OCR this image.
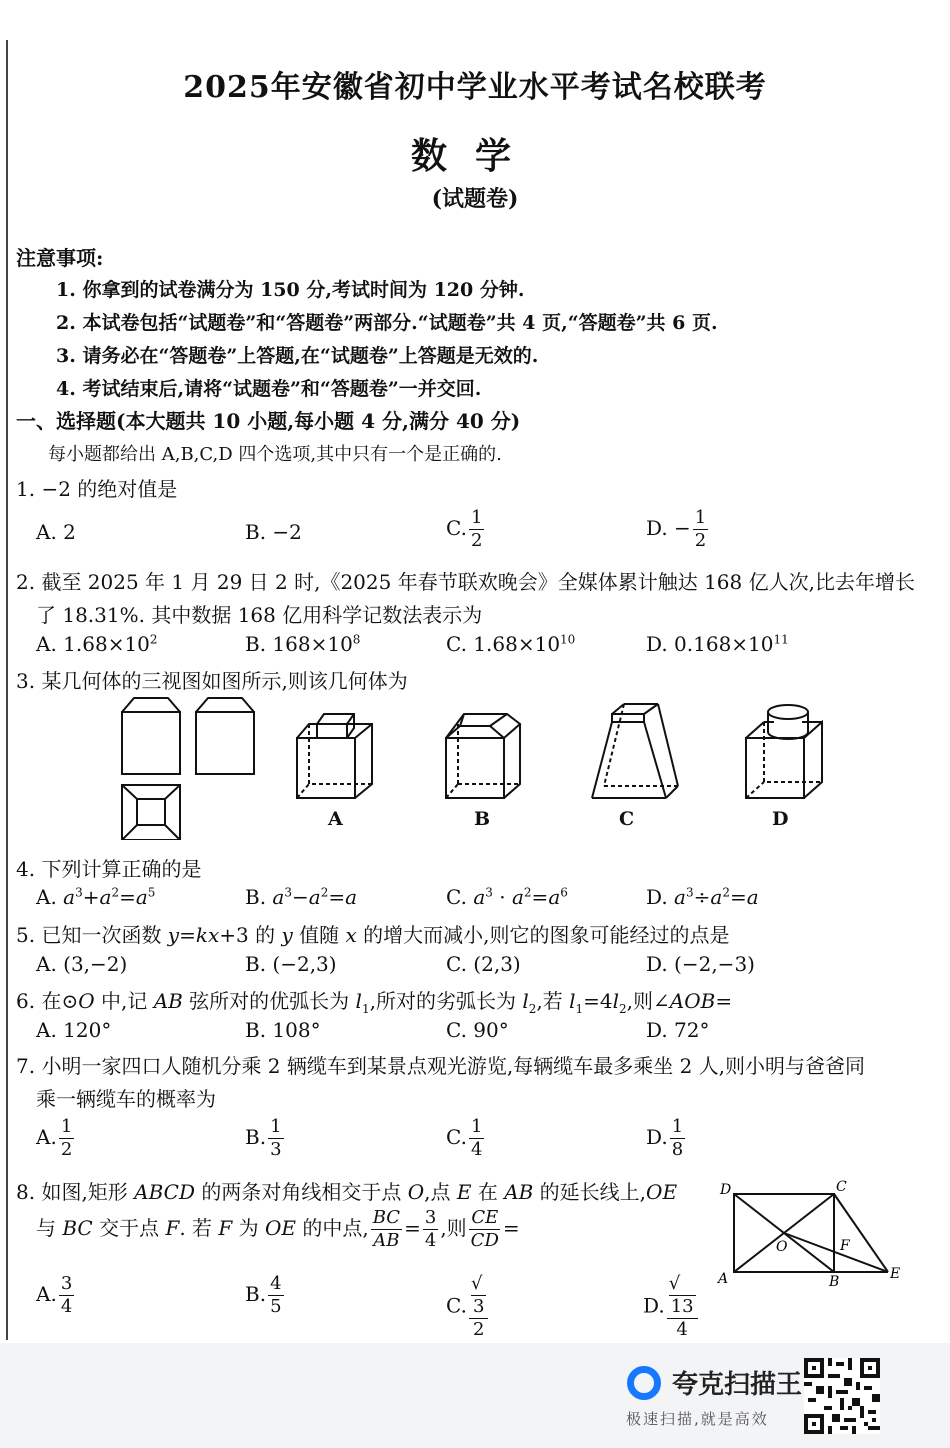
2025年安徽省初中学业水平考试名校联考
数学
(试题卷)
注意事项:
1. 你拿到的试卷满分为 150 分,考试时间为 120 分钟.
2. 本试卷包括“试题卷”和“答题卷”两部分.“试题卷”共 4 页,“答题卷”共 6 页.
3. 请务必在“答题卷”上答题,在“试题卷”上答题是无效的.
4. 考试结束后,请将“试题卷”和“答题卷”一并交回.
一、选择题(本大题共 10 小题,每小题 4 分,满分 40 分)
每小题都给出 A,B,C,D 四个选项,其中只有一个是正确的.
1. −2 的绝对值是
A. 2	B. −2	C. $\frac{1}{2}$	D. − $\frac{1}{2}$
2. 截至 2025 年 1 月 29 日 2 时,《2025 年春节联欢晚会》全媒体累计触达 168 亿人次,比去年增长
了 18.31%. 其中数据 168 亿用科学记数法表示为
A. $1.68\times 10^2$	B. $168\times 10^8$	C. $1.68\times 10^{10}$	D. $0.168\times 10^{11}$
3. 某几何体的三视图如图所示,则该几何体为
A	B	C	D
4. 下列计算正确的是
A. $a^3+a^2=a^5$	B. $a^3-a^2=a$	C. $a^3 \cdot a^2=a^6$	D. $a^3\div a^2=a$
5. 已知一次函数 y=kx+3 的 y 值随 x 的增大而减小,则它的图象可能经过的点是
A. (3,−2)	B. (−2,3)	C. (2,3)	D. (−2,−3)
6. 在⊙O 中,记 AB 弦所对的优弧长为 $l_1$,所对的劣弧长为 $l_2$,若 $l_1=4l_2$,则∠AOB=
A. 120°	B. 108°	C. 90°	D. 72°
7. 小明一家四口人随机分乘 2 辆缆车到某景点观光游览,每辆缆车最多乘坐 2 人,则小明与爸爸同
乘一辆缆车的概率为
A. $\frac{1}{2}$	B. $\frac{1}{3}$	C. $\frac{1}{4}$	D. $\frac{1}{8}$
8. 如图,矩形 ABCD 的两条对角线相交于点 O,点 E 在 AB 的延长线上,OE
与 BC 交于点 F. 若 F 为 OE 的中点, $\frac{BC}{AB} = \frac{3}{4}$ ,则 $\frac{CE}{CD}$ =
A. $\frac{3}{4}$	B. $\frac{4}{5}$	C. √
3
2	D. √
13
4
D	C
O	F
A	B	E
夸克扫描王
极速扫描,就是高效
